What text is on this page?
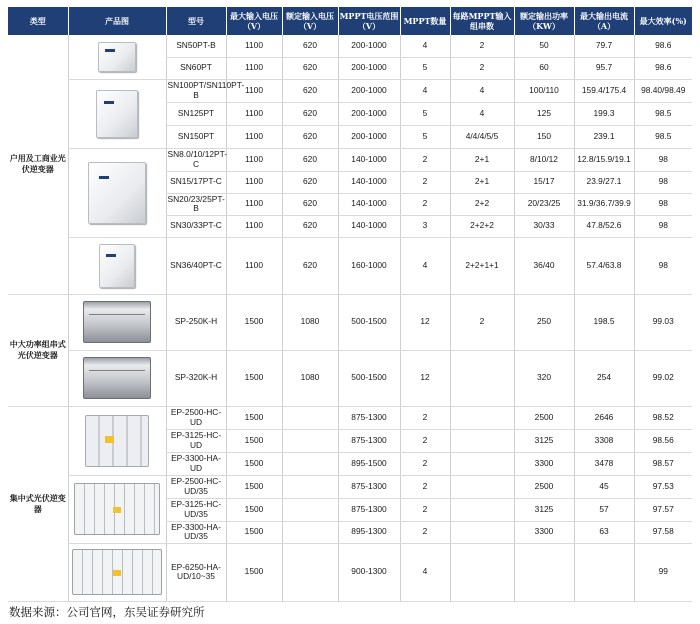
类型	产品图	型号	最大输入电压（V）	额定输入电压（V）	MPPT电压范围（V）	MPPT数量	每路MPPT输入组串数	额定输出功率（KW）	最大输出电流（A）	最大效率(%)
户用及工商业光伏逆变器		SN50PT-B	1100	620	200-1000	4	2	50	79.7	98.6
		SN60PT	1100	620	200-1000	5	2	60	95.7	98.6

		SN100PT/SN110PT-B	1100	620	200-1000	4	4	100/110	159.4/175.4	98.40/98.49
		SN125PT	1100	620	200-1000	5	4	125	199.3	98.5
		SN150PT	1100	620	200-1000	5	4/4/4/5/5	150	239.1	98.5

		SN8.0/10/12PT-C	1100	620	140-1000	2	2+1	8/10/12	12.8/15.9/19.1	98
		SN15/17PT-C	1100	620	140-1000	2	2+1	15/17	23.9/27.1	98
		SN20/23/25PT-B	1100	620	140-1000	2	2+2	20/23/25	31.9/36.7/39.9	98
		SN30/33PT-C	1100	620	140-1000	3	2+2+2	30/33	47.8/52.6	98

		SN36/40PT-C	1100	620	160-1000	4	2+2+1+1	36/40	57.4/63.8	98
中大功率组串式光伏逆变器		SP-250K-H	1500	1080	500-1500	12	2	250	198.5	99.03

		SP-320K-H	1500	1080	500-1500	12		320	254	99.02
集中式光伏逆变器		EP-2500-HC-UD	1500		875-1300	2		2500	2646	98.52
		EP-3125-HC-UD	1500		875-1300	2		3125	3308	98.56
		EP-3300-HA-UD	1500		895-1500	2		3300	3478	98.57

		EP-2500-HC-UD/35	1500		875-1300	2		2500	45	97.53
		EP-3125-HC-UD/35	1500		875-1300	2		3125	57	97.57
		EP-3300-HA-UD/35	1500		895-1300	2		3300	63	97.58

		EP-6250-HA-UD/10~35	1500		900-1300	4				99
数据来源：公司官网，东吴证券研究所
